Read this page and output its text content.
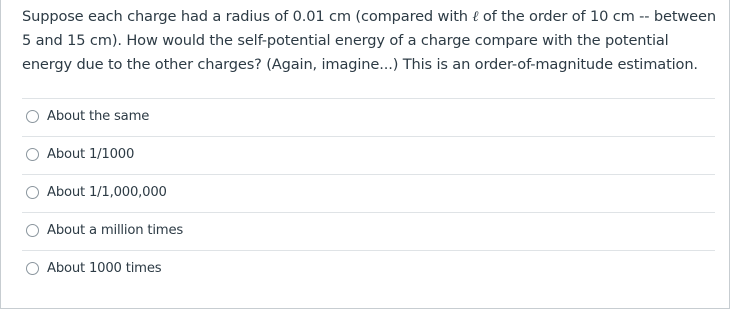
Suppose each charge had a radius of 0.01 cm (compared with ℓ of the order of 10 cm -- between 5 and 15 cm). How would the self-potential energy of a charge compare with the potential energy due to the other charges? (Again, imagine...) This is an order-of-magnitude estimation.

About the same
About 1/1000
About 1/1,000,000
About a million times
About 1000 times
